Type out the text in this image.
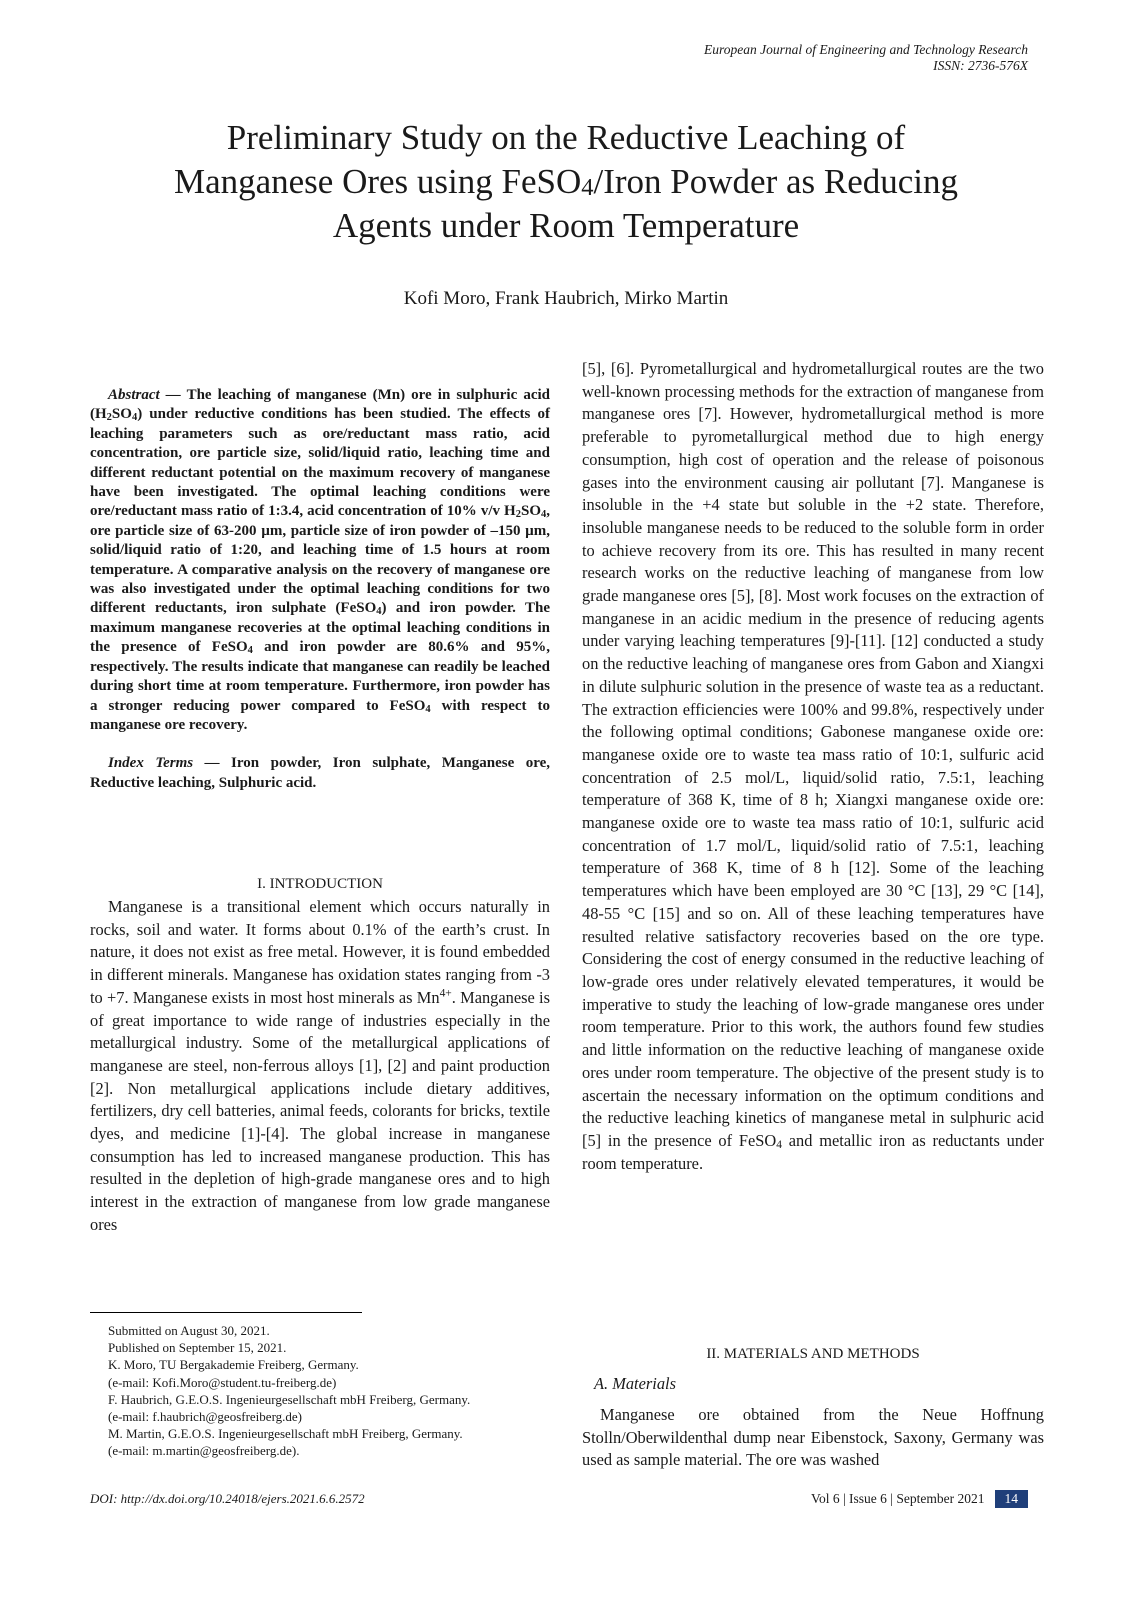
European Journal of Engineering and Technology Research
ISSN: 2736-576X
Preliminary Study on the Reductive Leaching of
Manganese Ores using FeSO$_4$/Iron Powder as Reducing
Agents under Room Temperature
Kofi Moro, Frank Haubrich, Mirko Martin

Abstract — The leaching of manganese (Mn) ore in sulphuric acid $(H_2SO_4)$ under reductive conditions has been studied. The effects of leaching parameters such as ore/reductant mass ratio, acid concentration, ore particle size, solid/liquid ratio, leaching time and different reductant potential on the maximum recovery of manganese have been investigated. The optimal leaching conditions were ore/reductant mass ratio of 1:3.4, acid concentration of 10% v/v $H_2SO_4$, ore particle size of 63-200 µm, particle size of iron powder of –150 µm, solid/liquid ratio of 1:20, and leaching time of 1.5 hours at room temperature. A comparative analysis on the recovery of manganese ore was also investigated under the optimal leaching conditions for two different reductants, iron sulphate (FeSO$_4$) and iron powder. The maximum manganese recoveries at the optimal leaching conditions in the presence of FeSO$_4$ and iron powder are 80.6% and 95%, respectively. The results indicate that manganese can readily be leached during short time at room temperature. Furthermore, iron powder has a stronger reducing power compared to FeSO$_4$ with respect to manganese ore recovery.

Index Terms — Iron powder, Iron sulphate, Manganese ore, Reductive leaching, Sulphuric acid.

I. INTRODUCTION

Manganese is a transitional element which occurs naturally in rocks, soil and water. It forms about 0.1% of the earth’s crust. In nature, it does not exist as free metal. However, it is found embedded in different minerals. Manganese has oxidation states ranging from -3 to +7. Manganese exists in most host minerals as $Mn^{4+}$. Manganese is of great importance to wide range of industries especially in the metallurgical industry. Some of the metallurgical applications of manganese are steel, non-ferrous alloys [1], [2] and paint production [2]. Non metallurgical applications include dietary additives, fertilizers, dry cell batteries, animal feeds, colorants for bricks, textile dyes, and medicine [1]-[4]. The global increase in manganese consumption has led to increased manganese production. This has resulted in the depletion of high-grade manganese ores and to high interest in the extraction of manganese from low grade manganese ores

[5], [6]. Pyrometallurgical and hydrometallurgical routes are the two well-known processing methods for the extraction of manganese from manganese ores [7]. However, hydrometallurgical method is more preferable to pyrometallurgical method due to high energy consumption, high cost of operation and the release of poisonous gases into the environment causing air pollutant [7]. Manganese is insoluble in the +4 state but soluble in the +2 state. Therefore, insoluble manganese needs to be reduced to the soluble form in order to achieve recovery from its ore. This has resulted in many recent research works on the reductive leaching of manganese from low grade manganese ores [5], [8]. Most work focuses on the extraction of manganese in an acidic medium in the presence of reducing agents under varying leaching temperatures [9]-[11]. [12] conducted a study on the reductive leaching of manganese ores from Gabon and Xiangxi in dilute sulphuric solution in the presence of waste tea as a reductant. The extraction efficiencies were 100% and 99.8%, respectively under the following optimal conditions; Gabonese manganese oxide ore: manganese oxide ore to waste tea mass ratio of 10:1, sulfuric acid concentration of 2.5 mol/L, liquid/solid ratio, 7.5:1, leaching temperature of 368 K, time of 8 h; Xiangxi manganese oxide ore: manganese oxide ore to waste tea mass ratio of 10:1, sulfuric acid concentration of 1.7 mol/L, liquid/solid ratio of 7.5:1, leaching temperature of 368 K, time of 8 h [12]. Some of the leaching temperatures which have been employed are 30 °C [13], 29 °C [14], 48-55 °C [15] and so on. All of these leaching temperatures have resulted relative satisfactory recoveries based on the ore type. Considering the cost of energy consumed in the reductive leaching of low-grade ores under relatively elevated temperatures, it would be imperative to study the leaching of low-grade manganese ores under room temperature. Prior to this work, the authors found few studies and little information on the reductive leaching of manganese oxide ores under room temperature. The objective of the present study is to ascertain the necessary information on the optimum conditions and the reductive leaching kinetics of manganese metal in sulphuric acid [5] in the presence of FeSO$_4$ and metallic iron as reductants under room temperature.

II. MATERIALS AND METHODS

A. Materials

Manganese ore obtained from the Neue Hoffnung Stolln/Oberwildenthal dump near Eibenstock, Saxony, Germany was used as sample material. The ore was washed

Submitted on August 30, 2021.
Published on September 15, 2021.
K. Moro, TU Bergakademie Freiberg, Germany.
(e-mail: Kofi.Moro@student.tu-freiberg.de)
F. Haubrich, G.E.O.S. Ingenieurgesellschaft mbH Freiberg, Germany.
(e-mail: f.haubrich@geosfreiberg.de)
M. Martin, G.E.O.S. Ingenieurgesellschaft mbH Freiberg, Germany.
(e-mail: m.martin@geosfreiberg.de).
DOI: http://dx.doi.org/10.24018/ejers.2021.6.6.2572	Vol 6 | Issue 6 | September 2021	14
